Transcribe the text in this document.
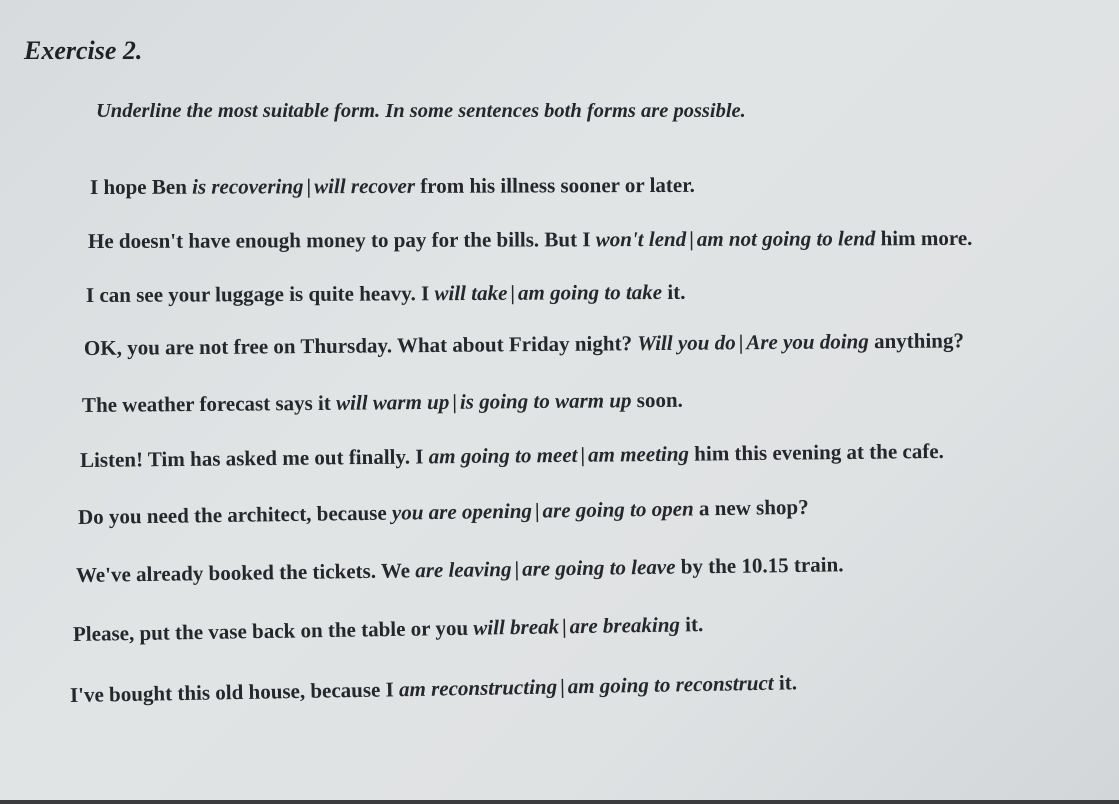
Exercise 2.

Underline the most suitable form. In some sentences both forms are possible.

I hope Ben is recovering | will recover from his illness sooner or later.

He doesn't have enough money to pay for the bills. But I won't lend | am not going to lend him more.

I can see your luggage is quite heavy. I will take | am going to take it.

OK, you are not free on Thursday. What about Friday night? Will you do | Are you doing anything?

The weather forecast says it will warm up | is going to warm up soon.

Listen! Tim has asked me out finally. I am going to meet | am meeting him this evening at the cafe.

Do you need the architect, because you are opening | are going to open a new shop?

We've already booked the tickets. We are leaving | are going to leave by the 10.15 train.

Please, put the vase back on the table or you will break | are breaking it.

I've bought this old house, because I am reconstructing | am going to reconstruct it.
